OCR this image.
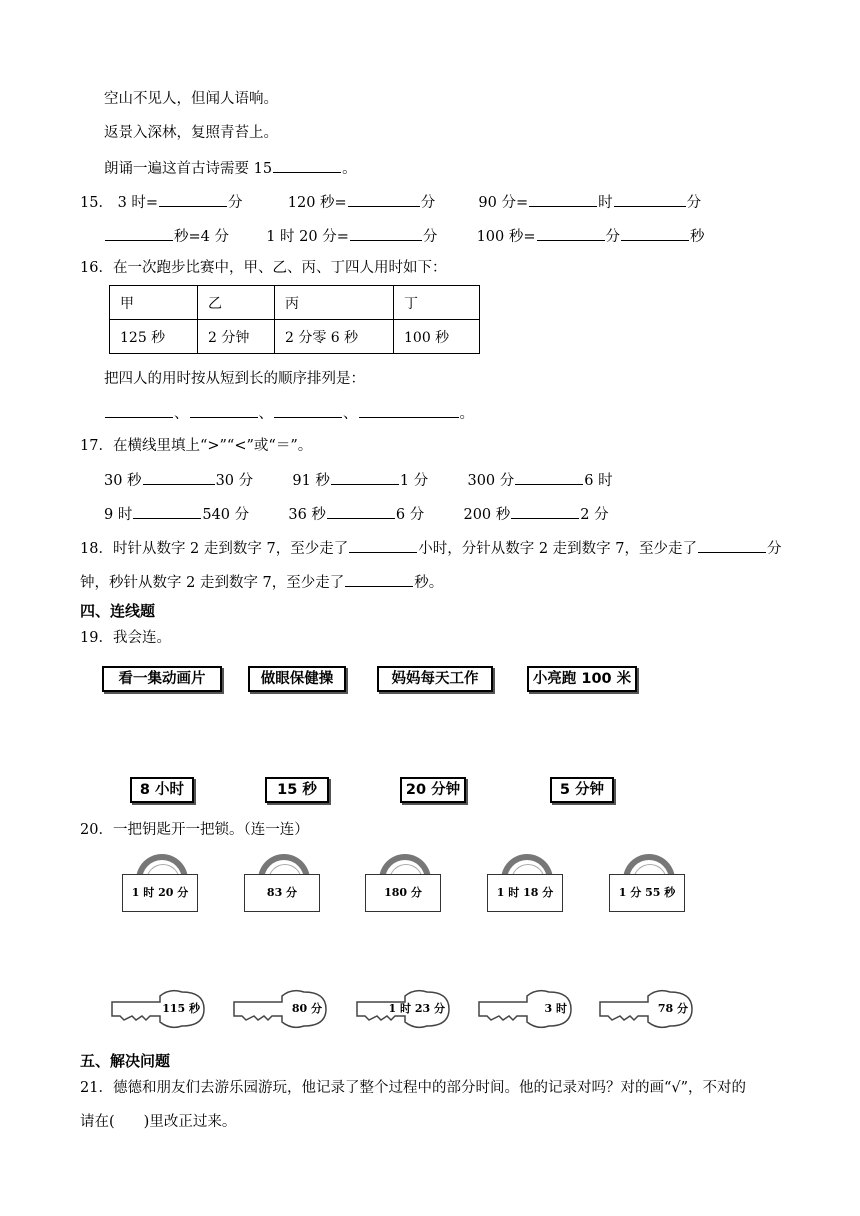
空山不见人，但闻人语响。
返景入深林，复照青苔上。
朗诵一遍这首古诗需要 15	。
15． 3 时=	分	120 秒=	分	90 分=	时	分
秒=4 分	1 时 20 分=	分	100 秒=	分	秒
16．在一次跑步比赛中，甲、乙、丙、丁四人用时如下：
甲	乙	丙	丁
125 秒	2 分钟	2 分零 6 秒	100 秒
把四人的用时按从短到长的顺序排列是：
、	、	、	。
17．在横线里填上“>”“<”或“＝”。
30 秒	30 分	91 秒	1 分	300 分	6 时
9 时	540 分	36 秒	6 分	200 秒	2 分
18．时针从数字 2 走到数字 7，至少走了	小时，分针从数字 2 走到数字 7，至少走了	分
钟，秒针从数字 2 走到数字 7，至少走了	秒。
四、连线题
19．我会连。
看一集动画片	做眼保健操	妈妈每天工作	小亮跑 100 米
8 小时	15 秒	20 分钟	5 分钟
20．一把钥匙开一把锁。（连一连）
1 时 20 分	83 分	180 分	1 时 18 分	1 分 55 秒
115 秒	80 分	1 时 23 分	3 时	78 分
五、解决问题
21．德德和朋友们去游乐园游玩，他记录了整个过程中的部分时间。他的记录对吗？对的画“√”，不对的
请在(　　)里改正过来。
